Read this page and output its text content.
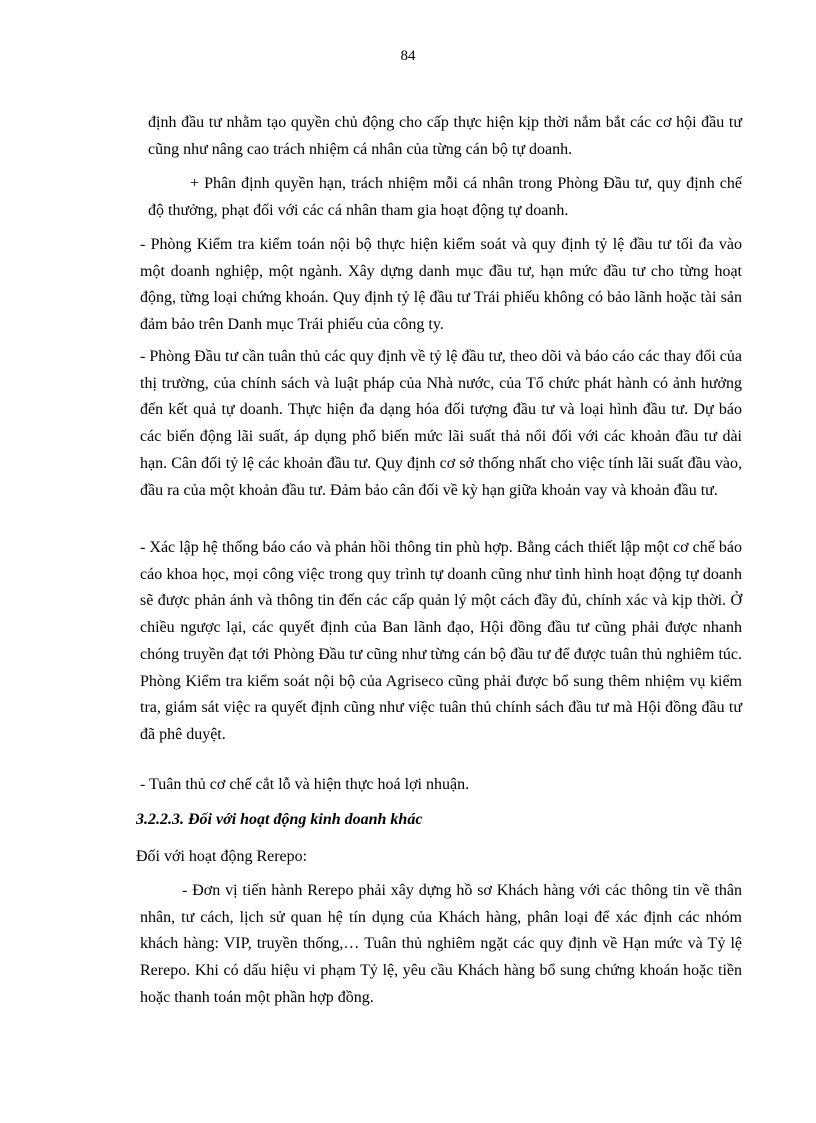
84

định đầu tư nhằm tạo quyền chủ động cho cấp thực hiện kịp thời nắm bắt các cơ hội đầu tư cũng như nâng cao trách nhiệm cá nhân của từng cán bộ tự doanh.

+ Phân định quyền hạn, trách nhiệm mỗi cá nhân trong Phòng Đầu tư, quy định chế độ thưởng, phạt đối với các cá nhân tham gia hoạt động tự doanh.

- Phòng Kiểm tra kiểm toán nội bộ thực hiện kiểm soát và quy định tỷ lệ đầu tư tối đa vào một doanh nghiệp, một ngành. Xây dựng danh mục đầu tư, hạn mức đầu tư cho từng hoạt động, từng loại chứng khoán. Quy định tỷ lệ đầu tư Trái phiếu không có bảo lãnh hoặc tài sản đảm bảo trên Danh mục Trái phiếu của công ty.

- Phòng Đầu tư cần tuân thủ các quy định về tỷ lệ đầu tư, theo dõi và báo cáo các thay đổi của thị trường, của chính sách và luật pháp của Nhà nước, của Tổ chức phát hành có ảnh hưởng đến kết quả tự doanh. Thực hiện đa dạng hóa đối tượng đầu tư và loại hình đầu tư. Dự báo các biến động lãi suất, áp dụng phổ biến mức lãi suất thả nổi đối với các khoản đầu tư dài hạn. Cân đối tỷ lệ các khoản đầu tư. Quy định cơ sở thống nhất cho việc tính lãi suất đầu vào, đầu ra của một khoản đầu tư. Đảm bảo cân đối về kỳ hạn giữa khoản vay và khoản đầu tư.

- Xác lập hệ thống báo cáo và phản hồi thông tin phù hợp. Bằng cách thiết lập một cơ chế báo cáo khoa học, mọi công việc trong quy trình tự doanh cũng như tình hình hoạt động tự doanh sẽ được phản ánh và thông tin đến các cấp quản lý một cách đầy đủ, chính xác và kịp thời. Ở chiều ngược lại, các quyết định của Ban lãnh đạo, Hội đồng đầu tư cũng phải được nhanh chóng truyền đạt tới Phòng Đầu tư cũng như từng cán bộ đầu tư để được tuân thủ nghiêm túc. Phòng Kiểm tra kiểm soát nội bộ của Agriseco cũng phải được bổ sung thêm nhiệm vụ kiểm tra, giám sát việc ra quyết định cũng như việc tuân thủ chính sách đầu tư mà Hội đồng đầu tư đã phê duyệt.

- Tuân thủ cơ chế cắt lỗ và hiện thực hoá lợi nhuận.

3.2.2.3. Đối với hoạt động kinh doanh khác

Đối với hoạt động Rerepo:

- Đơn vị tiến hành Rerepo phải xây dựng hồ sơ Khách hàng với các thông tin về thân nhân, tư cách, lịch sử quan hệ tín dụng của Khách hàng, phân loại để xác định các nhóm khách hàng: VIP, truyền thống,… Tuân thủ nghiêm ngặt các quy định về Hạn mức và Tỷ lệ Rerepo. Khi có dấu hiệu vi phạm Tỷ lệ, yêu cầu Khách hàng bổ sung chứng khoán hoặc tiền hoặc thanh toán một phần hợp đồng.
